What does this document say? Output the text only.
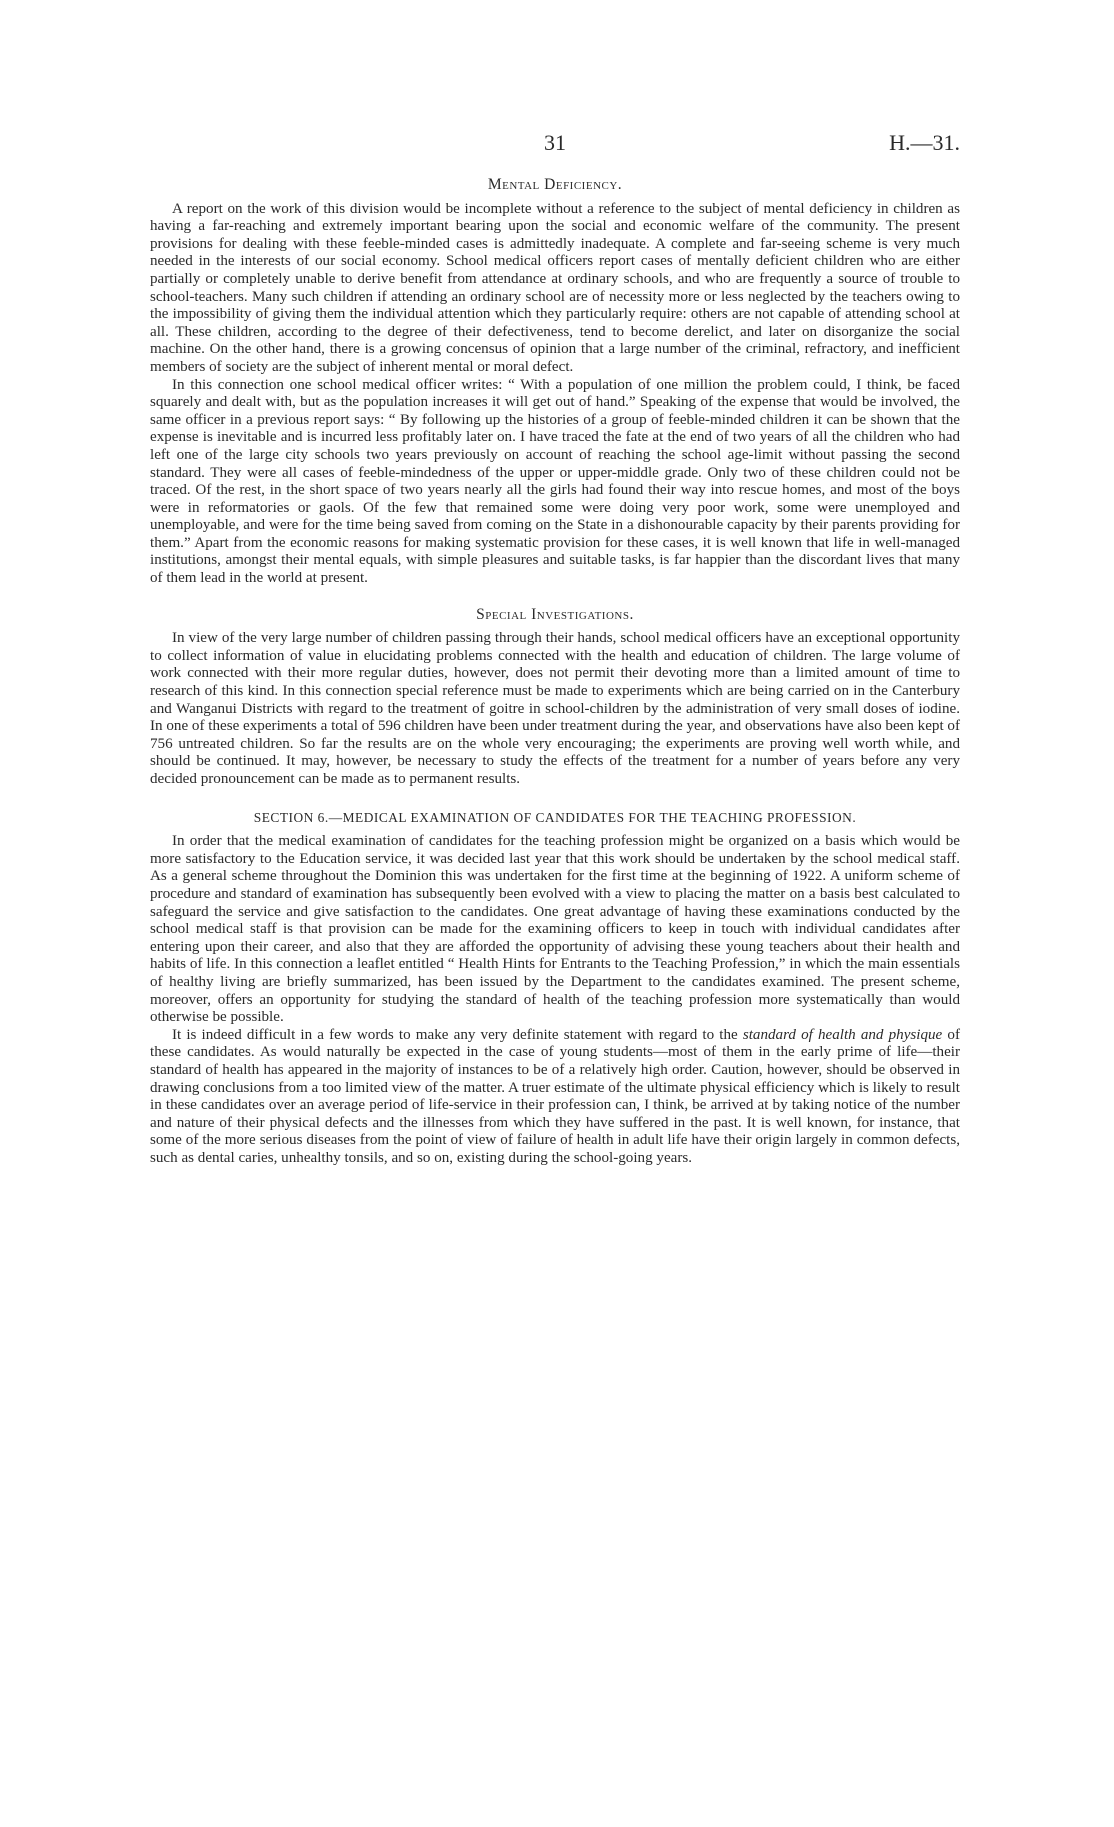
31	H.—31.
Mental Deficiency.

A report on the work of this division would be incomplete without a reference to the subject of mental deficiency in children as having a far-reaching and extremely important bearing upon the social and economic welfare of the community. The present provisions for dealing with these feeble-minded cases is admittedly inadequate. A complete and far-seeing scheme is very much needed in the interests of our social economy. School medical officers report cases of mentally deficient children who are either partially or completely unable to derive benefit from attendance at ordinary schools, and who are frequently a source of trouble to school-teachers. Many such children if attending an ordinary school are of necessity more or less neglected by the teachers owing to the impossibility of giving them the individual attention which they particularly require: others are not capable of attending school at all. These children, according to the degree of their defectiveness, tend to become derelict, and later on disorganize the social machine. On the other hand, there is a growing concensus of opinion that a large number of the criminal, refractory, and inefficient members of society are the subject of inherent mental or moral defect.

In this connection one school medical officer writes: “ With a population of one million the problem could, I think, be faced squarely and dealt with, but as the population increases it will get out of hand.” Speaking of the expense that would be involved, the same officer in a previous report says: “ By following up the histories of a group of feeble-minded children it can be shown that the expense is inevitable and is incurred less profitably later on. I have traced the fate at the end of two years of all the children who had left one of the large city schools two years previously on account of reaching the school age-limit without passing the second standard. They were all cases of feeble-mindedness of the upper or upper-middle grade. Only two of these children could not be traced. Of the rest, in the short space of two years nearly all the girls had found their way into rescue homes, and most of the boys were in reformatories or gaols. Of the few that remained some were doing very poor work, some were unemployed and unemployable, and were for the time being saved from coming on the State in a dishonourable capacity by their parents providing for them.” Apart from the economic reasons for making systematic provision for these cases, it is well known that life in well-managed institutions, amongst their mental equals, with simple pleasures and suitable tasks, is far happier than the discordant lives that many of them lead in the world at present.

Special Investigations.

In view of the very large number of children passing through their hands, school medical officers have an exceptional opportunity to collect information of value in elucidating problems connected with the health and education of children. The large volume of work connected with their more regular duties, however, does not permit their devoting more than a limited amount of time to research of this kind. In this connection special reference must be made to experiments which are being carried on in the Canterbury and Wanganui Districts with regard to the treatment of goitre in school-children by the administration of very small doses of iodine. In one of these experiments a total of 596 children have been under treatment during the year, and observations have also been kept of 756 untreated children. So far the results are on the whole very encouraging; the experiments are proving well worth while, and should be continued. It may, however, be necessary to study the effects of the treatment for a number of years before any very decided pronouncement can be made as to permanent results.

SECTION 6.—MEDICAL EXAMINATION OF CANDIDATES FOR THE TEACHING PROFESSION.

In order that the medical examination of candidates for the teaching profession might be organized on a basis which would be more satisfactory to the Education service, it was decided last year that this work should be undertaken by the school medical staff. As a general scheme throughout the Dominion this was undertaken for the first time at the beginning of 1922. A uniform scheme of procedure and standard of examination has subsequently been evolved with a view to placing the matter on a basis best calculated to safeguard the service and give satisfaction to the candidates. One great advantage of having these examinations conducted by the school medical staff is that provision can be made for the examining officers to keep in touch with individual candidates after entering upon their career, and also that they are afforded the opportunity of advising these young teachers about their health and habits of life. In this connection a leaflet entitled “ Health Hints for Entrants to the Teaching Profession,” in which the main essentials of healthy living are briefly summarized, has been issued by the Department to the candidates examined. The present scheme, moreover, offers an opportunity for studying the standard of health of the teaching profession more systematically than would otherwise be possible.

It is indeed difficult in a few words to make any very definite statement with regard to the standard of health and physique of these candidates. As would naturally be expected in the case of young students—most of them in the early prime of life—their standard of health has appeared in the majority of instances to be of a relatively high order. Caution, however, should be observed in drawing conclusions from a too limited view of the matter. A truer estimate of the ultimate physical efficiency which is likely to result in these candidates over an average period of life-service in their profession can, I think, be arrived at by taking notice of the number and nature of their physical defects and the illnesses from which they have suffered in the past. It is well known, for instance, that some of the more serious diseases from the point of view of failure of health in adult life have their origin largely in common defects, such as dental caries, unhealthy tonsils, and so on, existing during the school-going years.
